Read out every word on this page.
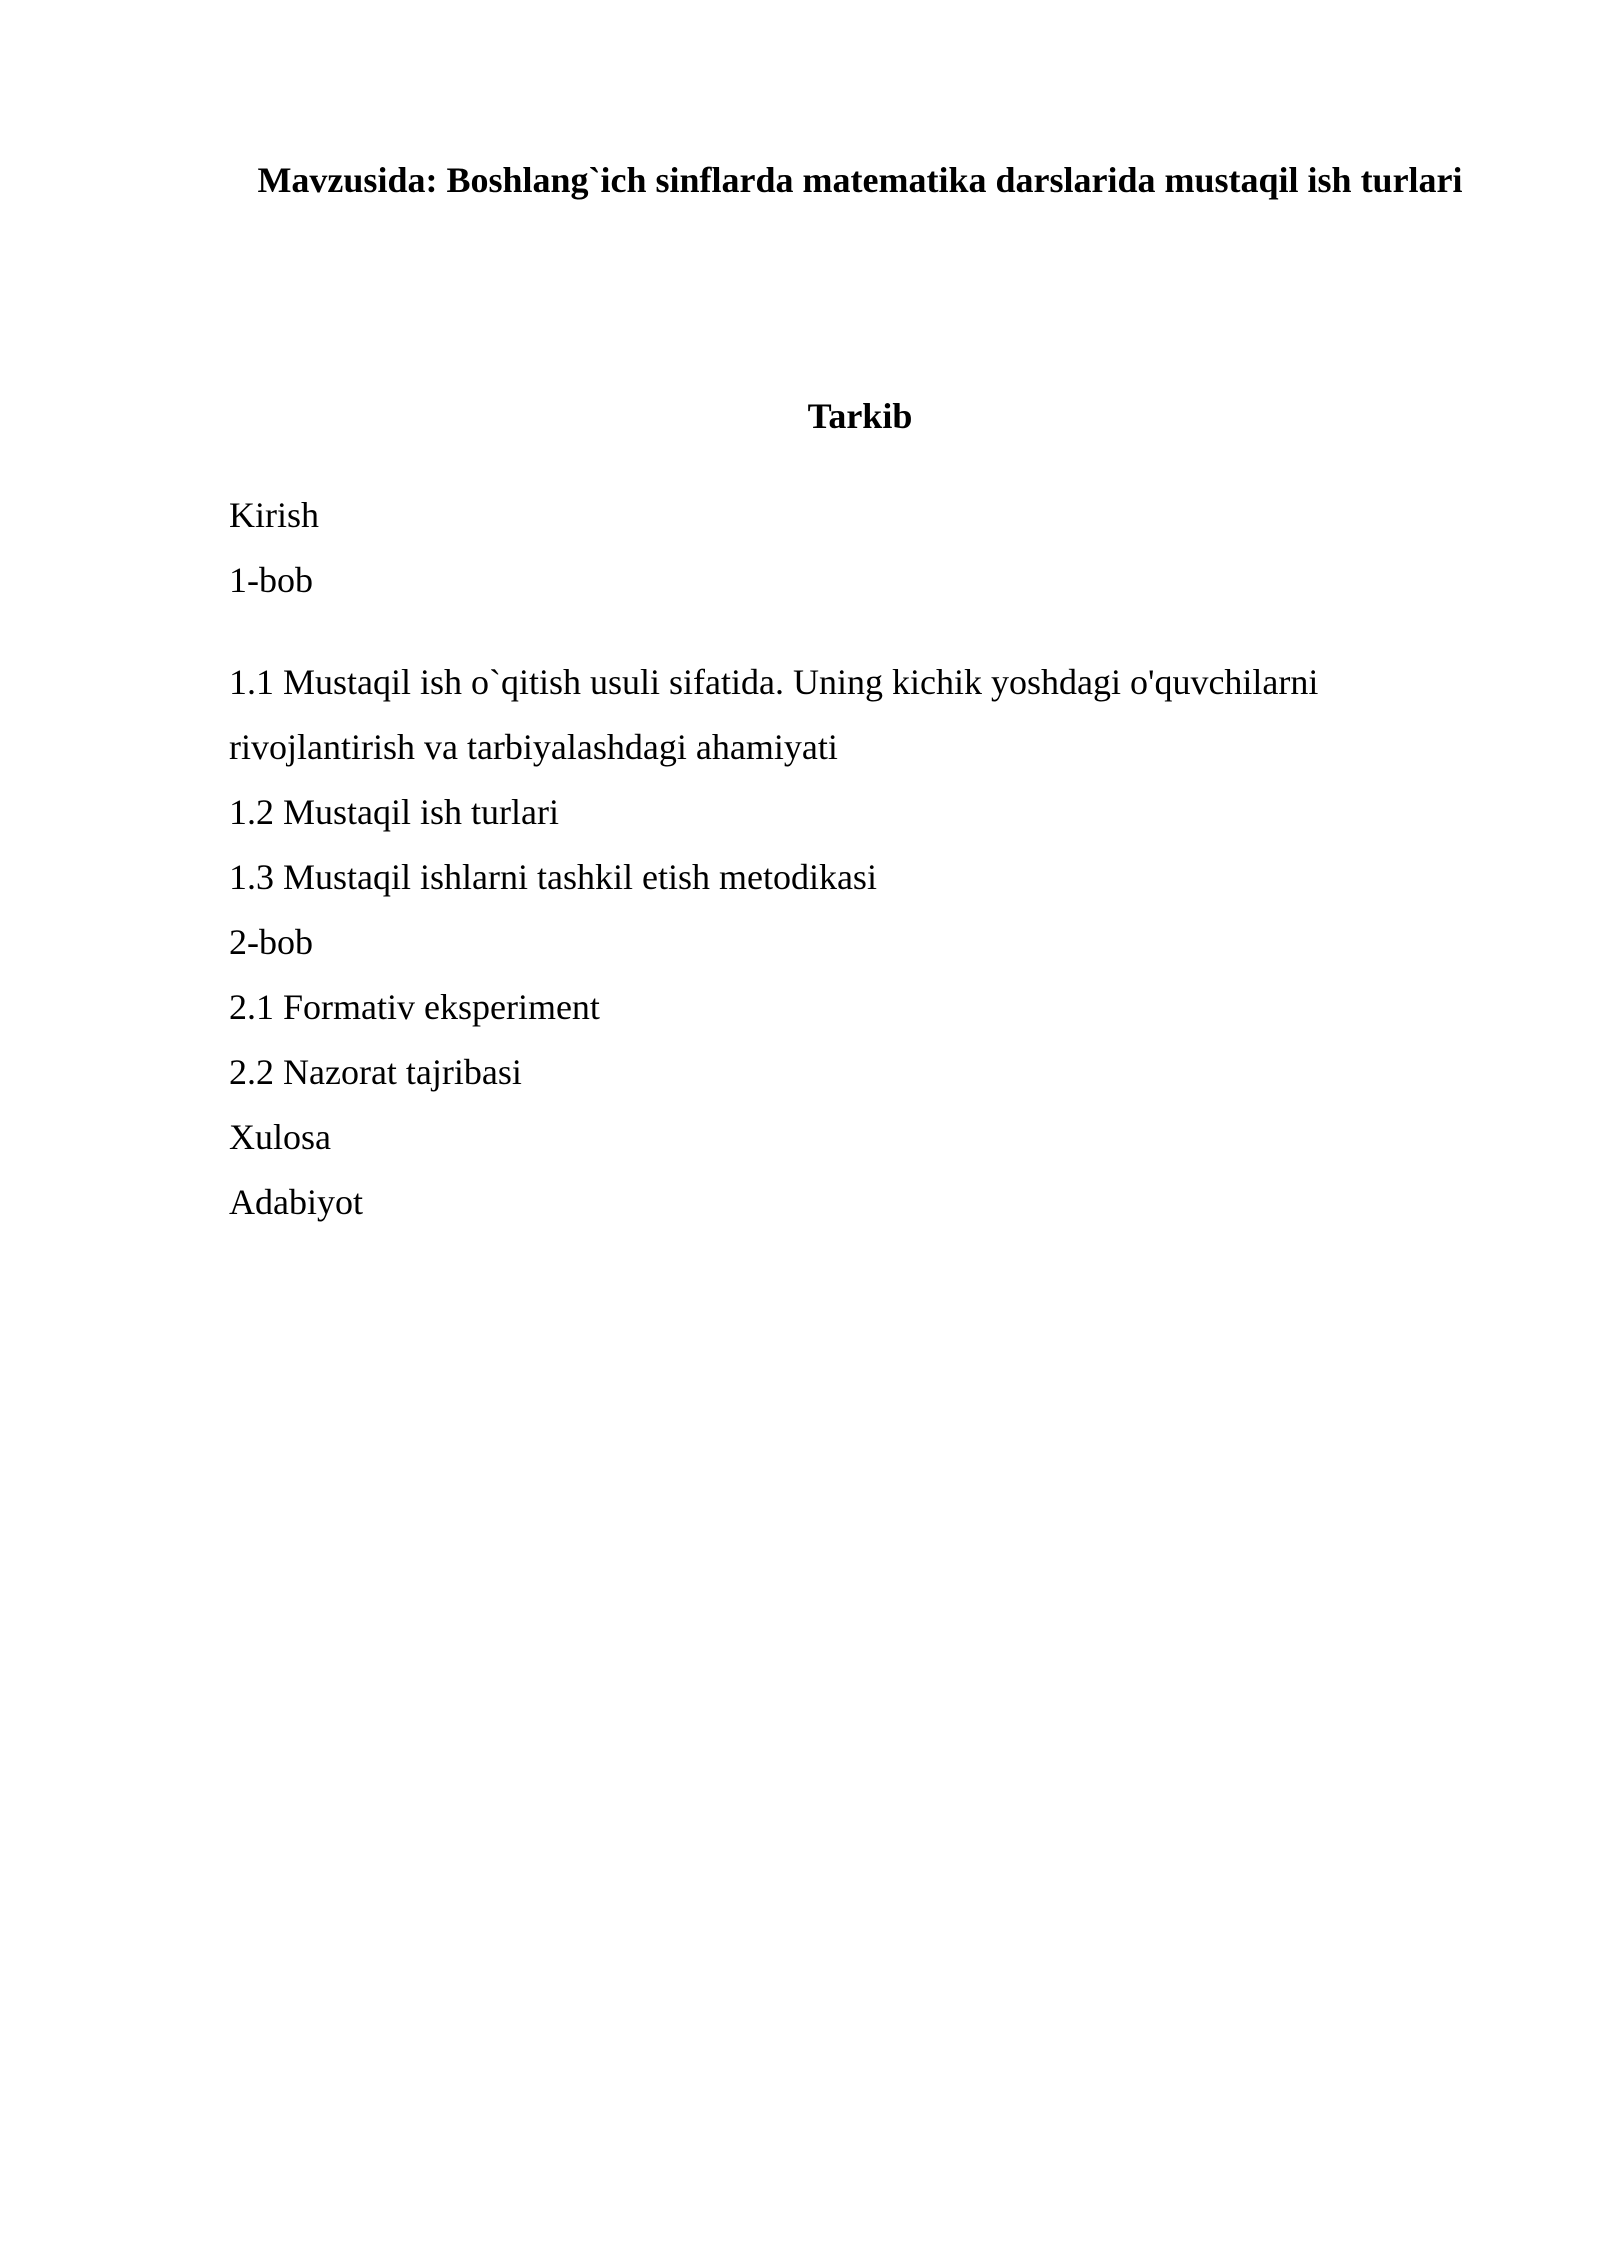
Mavzusida: Boshlang`ich sinflarda matematika darslarida mustaqil ish turlari
Tarkib
Kirish
1-bob
1.1 Mustaqil ish o`qitish usuli sifatida. Uning kichik yoshdagi o'quvchilarni
rivojlantirish va tarbiyalashdagi ahamiyati
1.2 Mustaqil ish turlari
1.3 Mustaqil ishlarni tashkil etish metodikasi
2-bob
2.1 Formativ eksperiment
2.2 Nazorat tajribasi
Xulosa
Adabiyot
